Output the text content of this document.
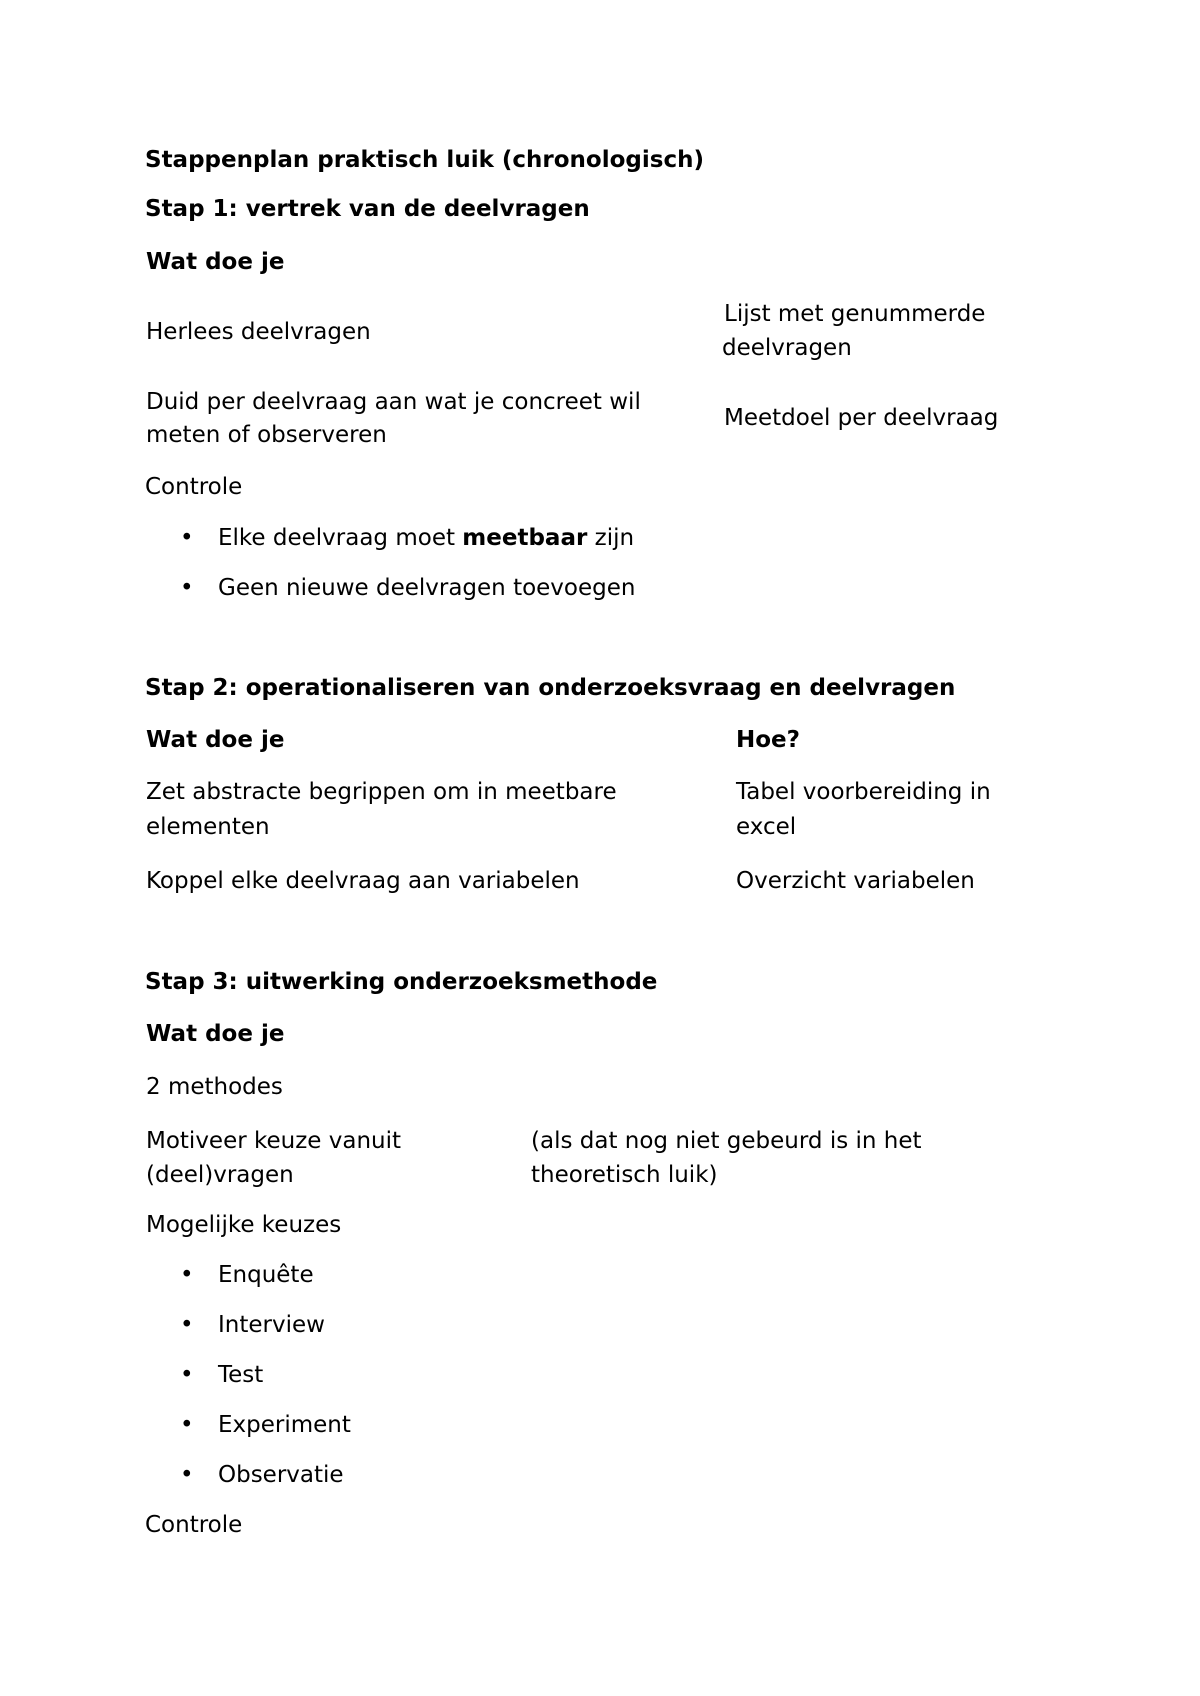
Stappenplan praktisch luik (chronologisch)
Stap 1: vertrek van de deelvragen
Wat doe je
Herlees deelvragen
Lijst met genummerde
deelvragen
Duid per deelvraag aan wat je concreet wil
meten of observeren
Meetdoel per deelvraag
Controle
• Elke deelvraag moet meetbaar zijn
• Geen nieuwe deelvragen toevoegen
Stap 2: operationaliseren van onderzoeksvraag en deelvragen
Wat doe je	Hoe?
Zet abstracte begrippen om in meetbare
elementen
Tabel voorbereiding in
excel
Koppel elke deelvraag aan variabelen	Overzicht variabelen
Stap 3: uitwerking onderzoeksmethode
Wat doe je
2 methodes
Motiveer keuze vanuit
(deel)vragen
(als dat nog niet gebeurd is in het
theoretisch luik)
Mogelijke keuzes
• Enquête
• Interview
• Test
• Experiment
• Observatie
Controle
